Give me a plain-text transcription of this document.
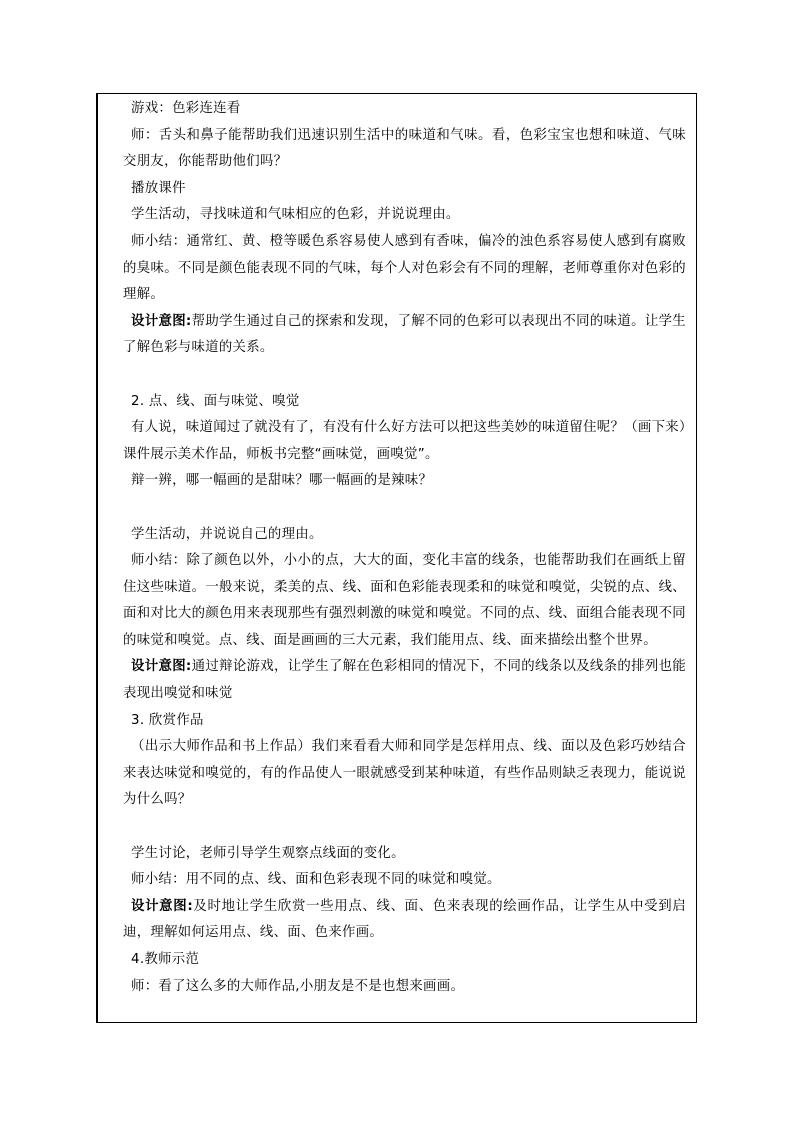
游戏：色彩连连看

师：舌头和鼻子能帮助我们迅速识别生活中的味道和气味。看，色彩宝宝也想和味道、气味交朋友，你能帮助他们吗？

播放课件

学生活动，寻找味道和气味相应的色彩，并说说理由。

师小结：通常红、黄、橙等暖色系容易使人感到有香味，偏冷的浊色系容易使人感到有腐败的臭味。不同是颜色能表现不同的气味，每个人对色彩会有不同的理解，老师尊重你对色彩的理解。

设计意图:帮助学生通过自己的探索和发现，了解不同的色彩可以表现出不同的味道。让学生了解色彩与味道的关系。

2. 点、线、面与味觉、嗅觉

有人说，味道闻过了就没有了，有没有什么好方法可以把这些美妙的味道留住呢？（画下来）课件展示美术作品，师板书完整“画味觉，画嗅觉”。

辩一辨，哪一幅画的是甜味？哪一幅画的是辣味？

学生活动，并说说自己的理由。

师小结：除了颜色以外，小小的点，大大的面，变化丰富的线条，也能帮助我们在画纸上留住这些味道。一般来说，柔美的点、线、面和色彩能表现柔和的味觉和嗅觉，尖锐的点、线、面和对比大的颜色用来表现那些有强烈刺激的味觉和嗅觉。不同的点、线、面组合能表现不同的味觉和嗅觉。点、线、面是画画的三大元素，我们能用点、线、面来描绘出整个世界。

设计意图:通过辩论游戏，让学生了解在色彩相同的情况下，不同的线条以及线条的排列也能表现出嗅觉和味觉

3. 欣赏作品

（出示大师作品和书上作品）我们来看看大师和同学是怎样用点、线、面以及色彩巧妙结合来表达味觉和嗅觉的，有的作品使人一眼就感受到某种味道，有些作品则缺乏表现力，能说说为什么吗？

学生讨论，老师引导学生观察点线面的变化。

师小结：用不同的点、线、面和色彩表现不同的味觉和嗅觉。

设计意图:及时地让学生欣赏一些用点、线、面、色来表现的绘画作品，让学生从中受到启迪，理解如何运用点、线、面、色来作画。

4.教师示范

师：看了这么多的大师作品,小朋友是不是也想来画画。
